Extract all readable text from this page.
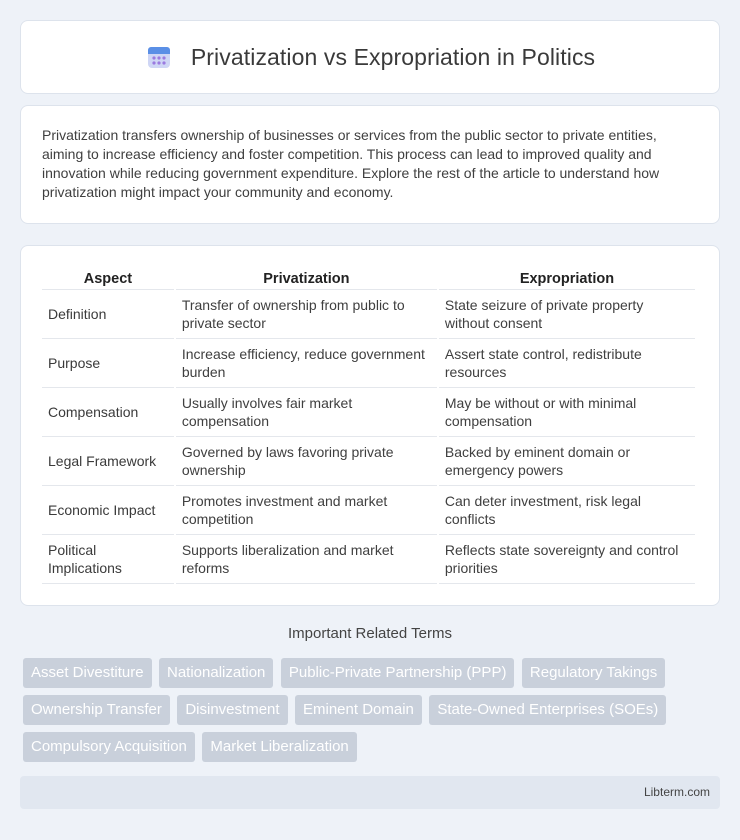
Privatization vs Expropriation in Politics

Privatization transfers ownership of businesses or services from the public sector to private entities, aiming to increase efficiency and foster competition. This process can lead to improved quality and innovation while reducing government expenditure. Explore the rest of the article to understand how privatization might impact your community and economy.

Aspect	Privatization	Expropriation
Definition	Transfer of ownership from public to private sector	State seizure of private property without consent
Purpose	Increase efficiency, reduce government burden	Assert state control, redistribute resources
Compensation	Usually involves fair market compensation	May be without or with minimal compensation
Legal Framework	Governed by laws favoring private ownership	Backed by eminent domain or emergency powers
Economic Impact	Promotes investment and market competition	Can deter investment, risk legal conflicts
Political Implications	Supports liberalization and market reforms	Reflects state sovereignty and control priorities
Important Related Terms
Asset Divestiture Nationalization Public-Private Partnership (PPP) Regulatory Takings Ownership Transfer Disinvestment Eminent Domain State-Owned Enterprises (SOEs) Compulsory Acquisition Market Liberalization
Libterm.com
